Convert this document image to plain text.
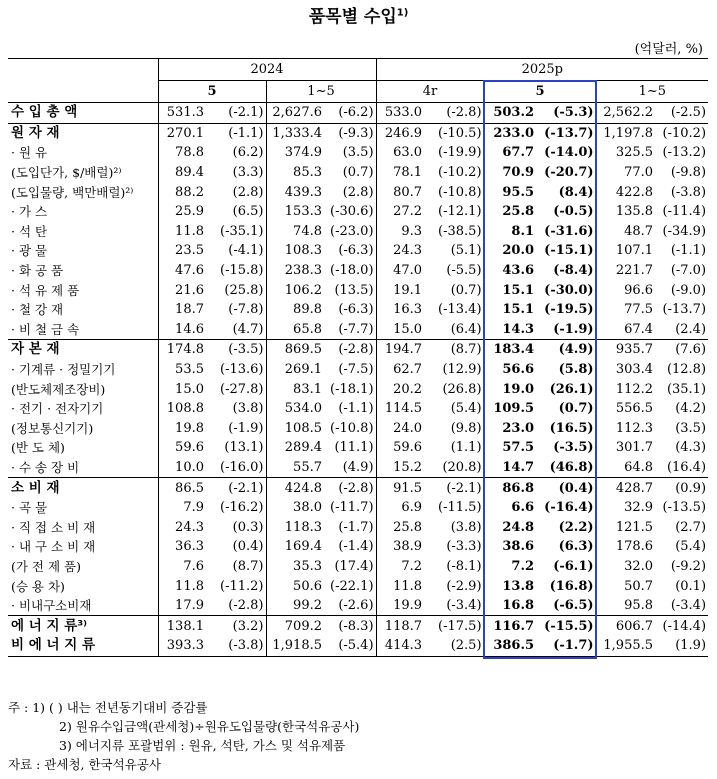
품목별 수입$^{1)}$
(억달러, %)
	2024				2025p					
	5		1~5		4r		5		1~5	
수 입 총 액	531.3	(-2.1)	2,627.6	(-6.2)	533.0	(-2.8)	503.2	(-5.3)	2,562.2	(-2.5)
원 자 재	270.1	(-1.1)	1,333.4	(-9.3)	246.9	(-10.5)	233.0	(-13.7)	1,197.8	(-10.2)
· 원 유	78.8	(6.2)	374.9	(3.5)	63.0	(-19.9)	67.7	(-14.0)	325.5	(-13.2)
(도입단가, $/배럴)²⁾	89.4	(3.3)	85.3	(0.7)	78.1	(-10.2)	70.9	(-20.7)	77.0	(-9.8)
(도입물량, 백만배럴)²⁾	88.2	(2.8)	439.3	(2.8)	80.7	(-10.8)	95.5	(8.4)	422.8	(-3.8)
· 가 스	25.9	(6.5)	153.3	(-30.6)	27.2	(-12.1)	25.8	(-0.5)	135.8	(-11.4)
· 석 탄	11.8	(-35.1)	74.8	(-23.0)	9.3	(-38.5)	8.1	(-31.6)	48.7	(-34.9)
· 광 물	23.5	(-4.1)	108.3	(-6.3)	24.3	(5.1)	20.0	(-15.1)	107.1	(-1.1)
· 화 공 품	47.6	(-15.8)	238.3	(-18.0)	47.0	(-5.5)	43.6	(-8.4)	221.7	(-7.0)
· 석 유 제 품	21.6	(25.8)	106.2	(13.5)	19.1	(0.7)	15.1	(-30.0)	96.6	(-9.0)
· 철 강 재	18.7	(-7.8)	89.8	(-6.3)	16.3	(-13.4)	15.1	(-19.5)	77.5	(-13.7)
· 비 철 금 속	14.6	(4.7)	65.8	(-7.7)	15.0	(6.4)	14.3	(-1.9)	67.4	(2.4)
자 본 재	174.8	(-3.5)	869.5	(-2.8)	194.7	(8.7)	183.4	(4.9)	935.7	(7.6)
· 기계류 · 정밀기기	53.5	(-13.6)	269.1	(-7.5)	62.7	(12.9)	56.6	(5.8)	303.4	(12.8)
(반도체제조장비)	15.0	(-27.8)	83.1	(-18.1)	20.2	(26.8)	19.0	(26.1)	112.2	(35.1)
· 전기 · 전자기기	108.8	(3.8)	534.0	(-1.1)	114.5	(5.4)	109.5	(0.7)	556.5	(4.2)
(정보통신기기)	19.8	(-1.9)	108.5	(-10.8)	24.0	(9.8)	23.0	(16.5)	112.3	(3.5)
(반 도 체)	59.6	(13.1)	289.4	(11.1)	59.6	(1.1)	57.5	(-3.5)	301.7	(4.3)
· 수 송 장 비	10.0	(-16.0)	55.7	(4.9)	15.2	(20.8)	14.7	(46.8)	64.8	(16.4)
소 비 재	86.5	(-2.1)	424.8	(-2.8)	91.5	(-2.1)	86.8	(0.4)	428.7	(0.9)
· 곡 물	7.9	(-16.2)	38.0	(-11.7)	6.9	(-11.5)	6.6	(-16.4)	32.9	(-13.5)
· 직 접 소 비 재	24.3	(0.3)	118.3	(-1.7)	25.8	(3.8)	24.8	(2.2)	121.5	(2.7)
· 내 구 소 비 재	36.3	(0.4)	169.4	(-1.4)	38.9	(-3.3)	38.6	(6.3)	178.6	(5.4)
(가 전 제 품)	7.6	(8.7)	35.3	(17.4)	7.2	(-8.1)	7.2	(-6.1)	32.0	(-9.2)
(승 용 차)	11.8	(-11.2)	50.6	(-22.1)	11.8	(-2.9)	13.8	(16.8)	50.7	(0.1)
· 비내구소비재	17.9	(-2.8)	99.2	(-2.6)	19.9	(-3.4)	16.8	(-6.5)	95.8	(-3.4)
에 너 지 류³⁾	138.1	(3.2)	709.2	(-8.3)	118.7	(-17.5)	116.7	(-15.5)	606.7	(-14.4)
비 에 너 지 류	393.3	(-3.8)	1,918.5	(-5.4)	414.3	(2.5)	386.5	(-1.7)	1,955.5	(1.9)
주 : 1) ( ) 내는 전년동기대비 증감률
2) 원유수입금액(관세청)÷원유도입물량(한국석유공사)
3) 에너지류 포괄범위 : 원유, 석탄, 가스 및 석유제품
자료 : 관세청, 한국석유공사
